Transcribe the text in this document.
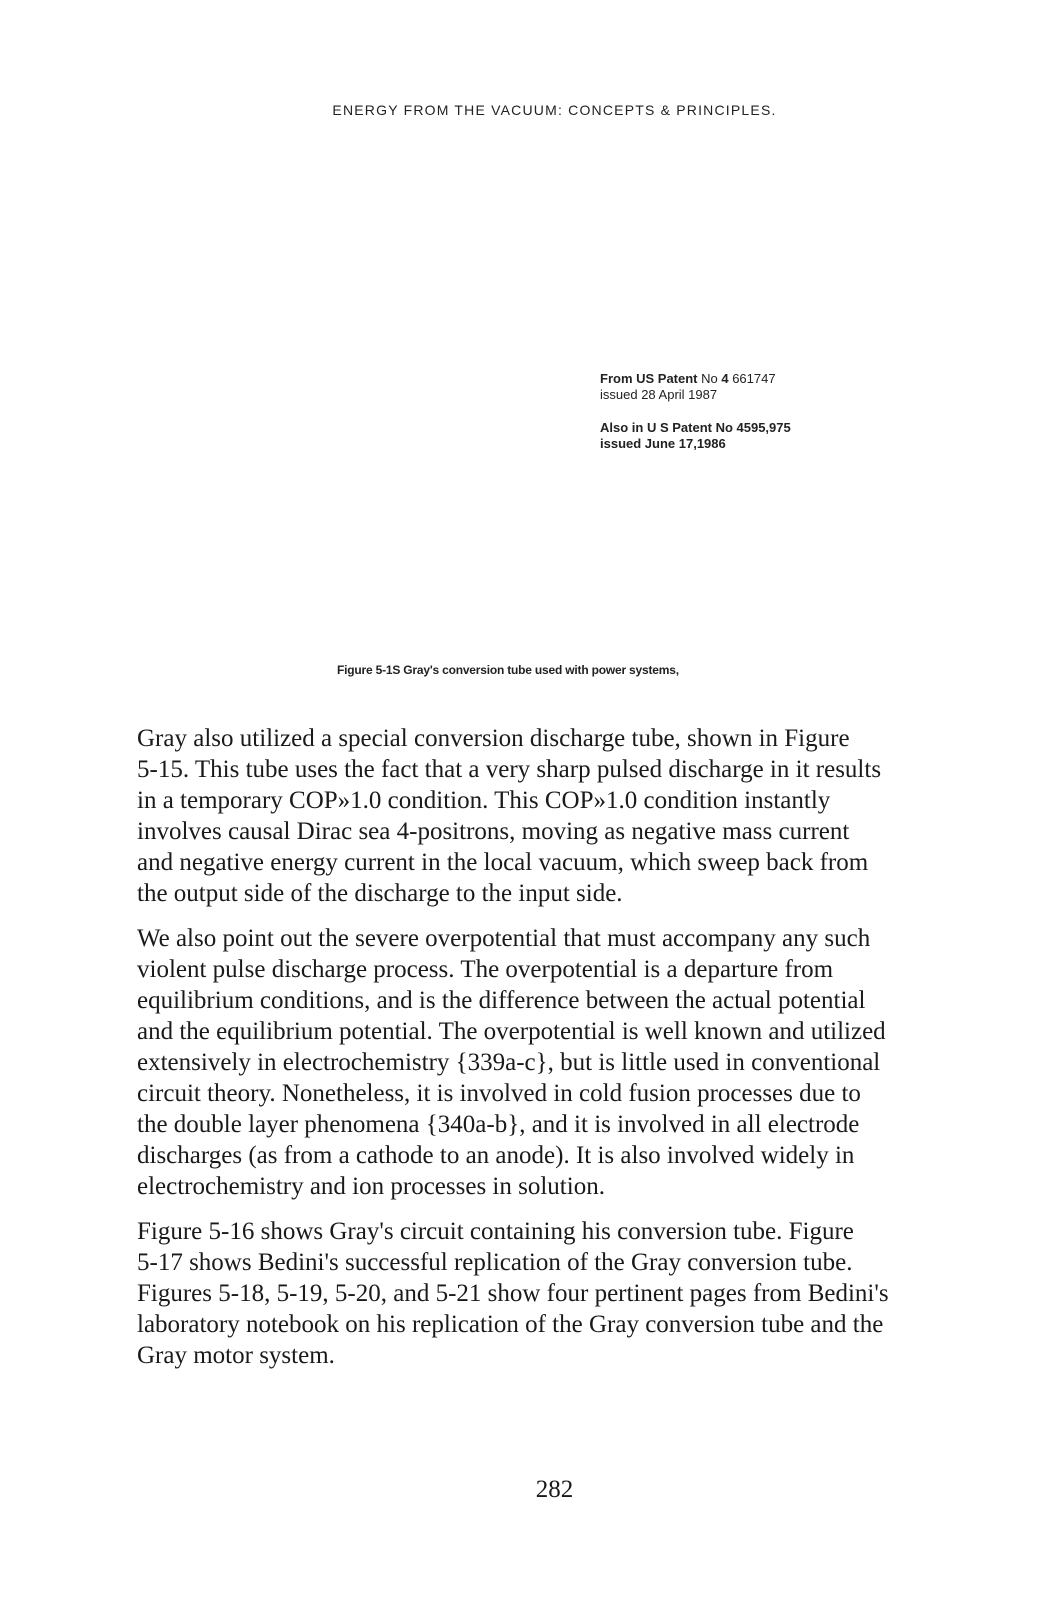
ENERGY FROM THE VACUUM: CONCEPTS & PRINCIPLES.
From US Patent No 4 661747
issued 28 April 1987
Also in U S Patent No 4595,975
issued June 17,1986
Figure 5-1S Gray's conversion tube used with power systems,

Gray also utilized a special conversion discharge tube, shown in Figure
5-15. This tube uses the fact that a very sharp pulsed discharge in it results
in a temporary COP»1.0 condition. This COP»1.0 condition instantly
involves causal Dirac sea 4-positrons, moving as negative mass current
and negative energy current in the local vacuum, which sweep back from
the output side of the discharge to the input side.

We also point out the severe overpotential that must accompany any such
violent pulse discharge process. The overpotential is a departure from
equilibrium conditions, and is the difference between the actual potential
and the equilibrium potential. The overpotential is well known and utilized
extensively in electrochemistry {339a-c}, but is little used in conventional
circuit theory. Nonetheless, it is involved in cold fusion processes due to
the double layer phenomena {340a-b}, and it is involved in all electrode
discharges (as from a cathode to an anode). It is also involved widely in
electrochemistry and ion processes in solution.

Figure 5-16 shows Gray's circuit containing his conversion tube. Figure
5-17 shows Bedini's successful replication of the Gray conversion tube.
Figures 5-18, 5-19, 5-20, and 5-21 show four pertinent pages from Bedini's
laboratory notebook on his replication of the Gray conversion tube and the
Gray motor system.

282
